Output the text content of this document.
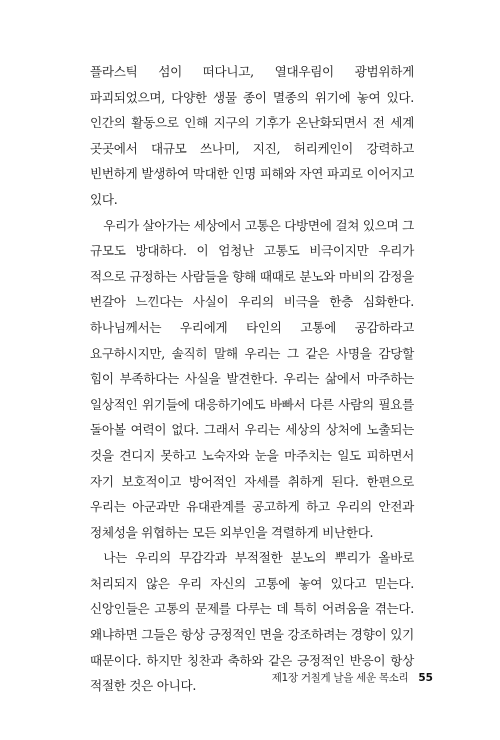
플라스틱 섬이 떠다니고, 열대우림이 광범위하게 파괴되었으며, 다양한 생물 종이 멸종의 위기에 놓여 있다. 인간의 활동으로 인해 지구의 기후가 온난화되면서 전 세계 곳곳에서 대규모 쓰나미, 지진, 허리케인이 강력하고 빈번하게 발생하여 막대한 인명 피해와 자연 파괴로 이어지고 있다.

우리가 살아가는 세상에서 고통은 다방면에 걸쳐 있으며 그 규모도 방대하다. 이 엄청난 고통도 비극이지만 우리가 적으로 규정하는 사람들을 향해 때때로 분노와 마비의 감정을 번갈아 느낀다는 사실이 우리의 비극을 한층 심화한다. 하나님께서는 우리에게 타인의 고통에 공감하라고 요구하시지만, 솔직히 말해 우리는 그 같은 사명을 감당할 힘이 부족하다는 사실을 발견한다. 우리는 삶에서 마주하는 일상적인 위기들에 대응하기에도 바빠서 다른 사람의 필요를 돌아볼 여력이 없다. 그래서 우리는 세상의 상처에 노출되는 것을 견디지 못하고 노숙자와 눈을 마주치는 일도 피하면서 자기 보호적이고 방어적인 자세를 취하게 된다. 한편으로 우리는 아군과만 유대관계를 공고하게 하고 우리의 안전과 정체성을 위협하는 모든 외부인을 격렬하게 비난한다.

나는 우리의 무감각과 부적절한 분노의 뿌리가 올바로 처리되지 않은 우리 자신의 고통에 놓여 있다고 믿는다. 신앙인들은 고통의 문제를 다루는 데 특히 어려움을 겪는다. 왜냐하면 그들은 항상 긍정적인 면을 강조하려는 경향이 있기 때문이다. 하지만 칭찬과 축하와 같은 긍정적인 반응이 항상 적절한 것은 아니다.

제1장 거칠게 날을 세운 목소리 55
